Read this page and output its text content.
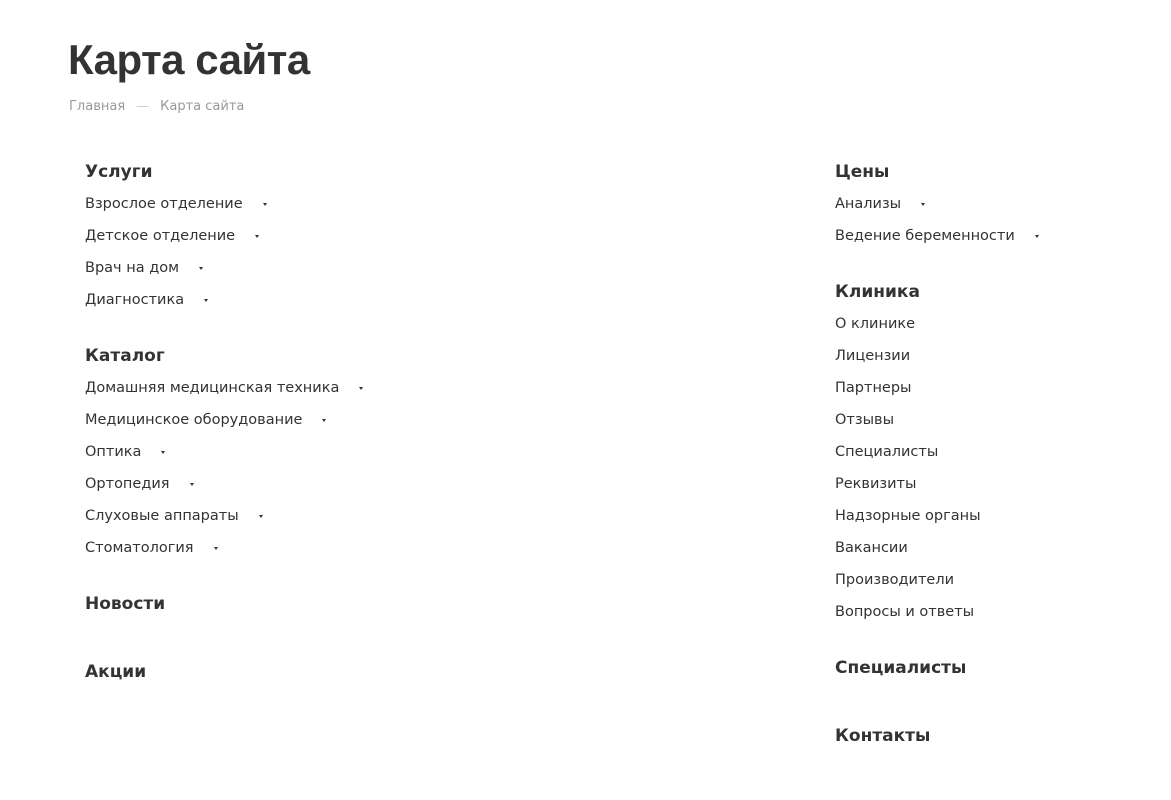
Карта сайта
Главная — Карта сайта
Услуги
Взрослое отделение
Детское отделение
Врач на дом
Диагностика
Каталог
Домашняя медицинская техника
Медицинское оборудование
Оптика
Ортопедия
Слуховые аппараты
Стоматология
Новости
Акции
Цены
Анализы
Ведение беременности
Клиника
О клинике
Лицензии
Партнеры
Отзывы
Специалисты
Реквизиты
Надзорные органы
Вакансии
Производители
Вопросы и ответы
Специалисты
Контакты
